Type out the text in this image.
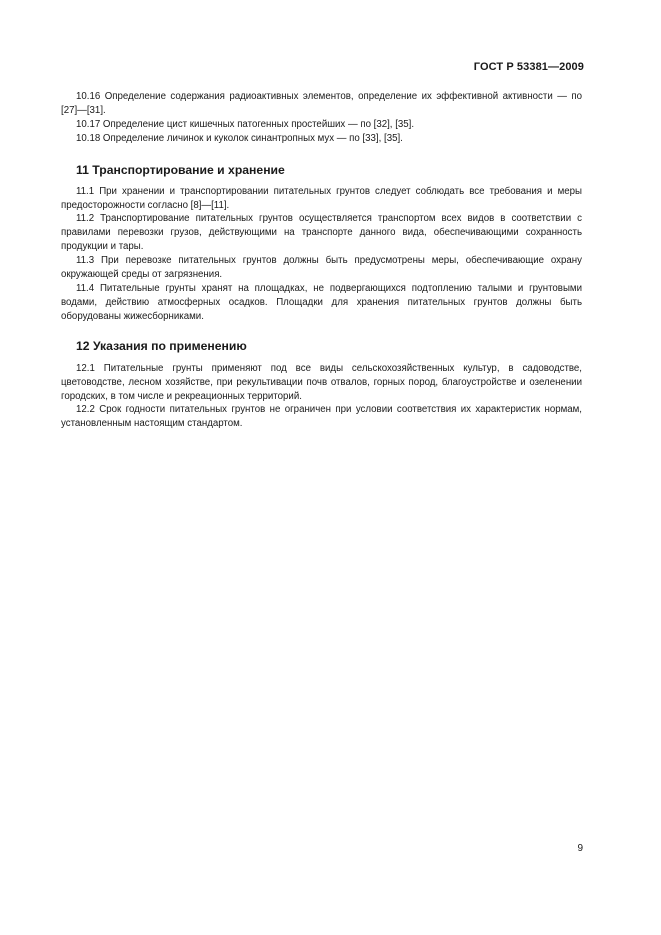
ГОСТ Р 53381—2009

10.16 Определение содержания радиоактивных элементов, определение их эффективной активности — по [27]—[31].

10.17 Определение цист кишечных патогенных простейших — по [32], [35].

10.18 Определение личинок и куколок синантропных мух — по [33], [35].

11 Транспортирование и хранение

11.1 При хранении и транспортировании питательных грунтов следует соблюдать все требования и меры предосторожности согласно [8]—[11].

11.2 Транспортирование питательных грунтов осуществляется транспортом всех видов в соответствии с правилами перевозки грузов, действующими на транспорте данного вида, обеспечивающими сохранность продукции и тары.

11.3 При перевозке питательных грунтов должны быть предусмотрены меры, обеспечивающие охрану окружающей среды от загрязнения.

11.4 Питательные грунты хранят на площадках, не подвергающихся подтоплению талыми и грунтовыми водами, действию атмосферных осадков. Площадки для хранения питательных грунтов должны быть оборудованы жижесборниками.

12 Указания по применению

12.1 Питательные грунты применяют под все виды сельскохозяйственных культур, в садоводстве, цветоводстве, лесном хозяйстве, при рекультивации почв отвалов, горных пород, благоустройстве и озеленении городских, в том числе и рекреационных территорий.

12.2 Срок годности питательных грунтов не ограничен при условии соответствия их характеристик нормам, установленным настоящим стандартом.

9
